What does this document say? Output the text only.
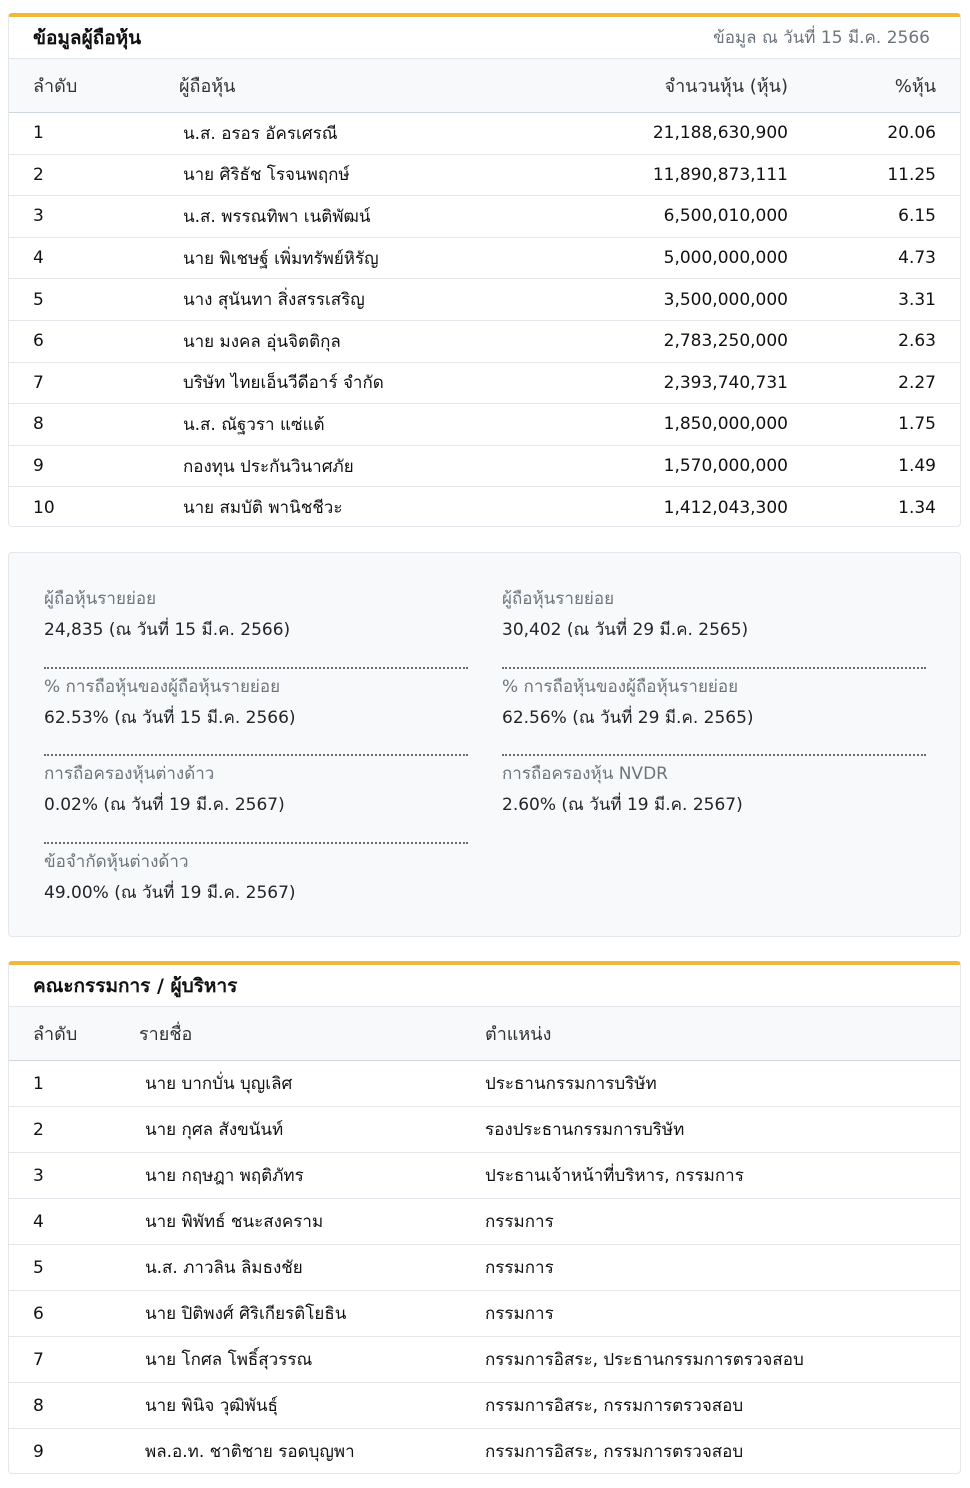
ข้อมูลผู้ถือหุ้น	ข้อมูล ณ วันที่ 15 มี.ค. 2566
ลำดับ	ผู้ถือหุ้น	จำนวนหุ้น (หุ้น)	%หุ้น
1	น.ส. อรอร อัครเศรณี	21,188,630,900	20.06
2	นาย ศิริธัช โรจนพฤกษ์	11,890,873,111	11.25
3	น.ส. พรรณทิพา เนติพัฒน์	6,500,010,000	6.15
4	นาย พิเชษฐ์ เพิ่มทรัพย์หิรัญ	5,000,000,000	4.73
5	นาง สุนันทา สิ่งสรรเสริญ	3,500,000,000	3.31
6	นาย มงคล อุ่นจิตติกุล	2,783,250,000	2.63
7	บริษัท ไทยเอ็นวีดีอาร์ จำกัด	2,393,740,731	2.27
8	น.ส. ณัฐวรา แซ่แต้	1,850,000,000	1.75
9	กองทุน ประกันวินาศภัย	1,570,000,000	1.49
10	นาย สมบัติ พานิชชีวะ	1,412,043,300	1.34
ผู้ถือหุ้นรายย่อย
24,835 (ณ วันที่ 15 มี.ค. 2566)
% การถือหุ้นของผู้ถือหุ้นรายย่อย
62.53% (ณ วันที่ 15 มี.ค. 2566)
การถือครองหุ้นต่างด้าว
0.02% (ณ วันที่ 19 มี.ค. 2567)
ข้อจำกัดหุ้นต่างด้าว
49.00% (ณ วันที่ 19 มี.ค. 2567)
ผู้ถือหุ้นรายย่อย
30,402 (ณ วันที่ 29 มี.ค. 2565)
% การถือหุ้นของผู้ถือหุ้นรายย่อย
62.56% (ณ วันที่ 29 มี.ค. 2565)
การถือครองหุ้น NVDR
2.60% (ณ วันที่ 19 มี.ค. 2567)
คณะกรรมการ / ผู้บริหาร
ลำดับ	รายชื่อ	ตำแหน่ง
1	นาย บากบั่น บุญเลิศ	ประธานกรรมการบริษัท
2	นาย กุศล สังขนันท์	รองประธานกรรมการบริษัท
3	นาย กฤษฎา พฤติภัทร	ประธานเจ้าหน้าที่บริหาร, กรรมการ
4	นาย พิพัทธ์ ชนะสงคราม	กรรมการ
5	น.ส. ภาวลิน ลิมธงชัย	กรรมการ
6	นาย ปิติพงศ์ ศิริเกียรติโยธิน	กรรมการ
7	นาย โกศล โพธิ์สุวรรณ	กรรมการอิสระ, ประธานกรรมการตรวจสอบ
8	นาย พินิจ วุฒิพันธุ์	กรรมการอิสระ, กรรมการตรวจสอบ
9	พล.อ.ท. ชาติชาย รอดบุญพา	กรรมการอิสระ, กรรมการตรวจสอบ
